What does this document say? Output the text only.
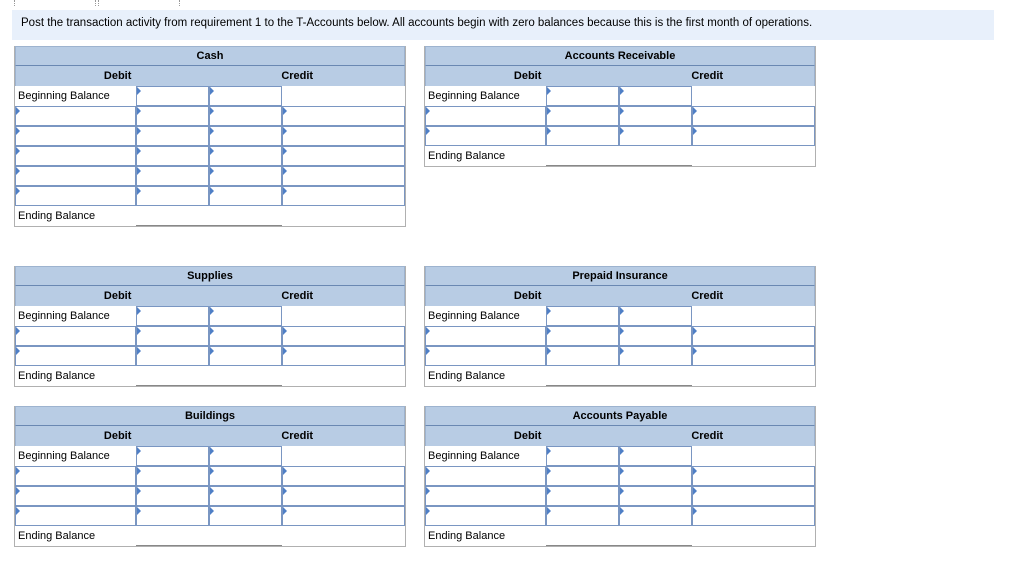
Post the transaction activity from requirement 1 to the T-Accounts below. All accounts begin with zero balances because this is the first month of operations.
Cash
Debit	Credit
Beginning Balance
Ending Balance
Accounts Receivable
Debit	Credit
Beginning Balance
Ending Balance
Supplies
Debit	Credit
Beginning Balance
Ending Balance
Prepaid Insurance
Debit	Credit
Beginning Balance
Ending Balance
Buildings
Debit	Credit
Beginning Balance
Ending Balance
Accounts Payable
Debit	Credit
Beginning Balance
Ending Balance
